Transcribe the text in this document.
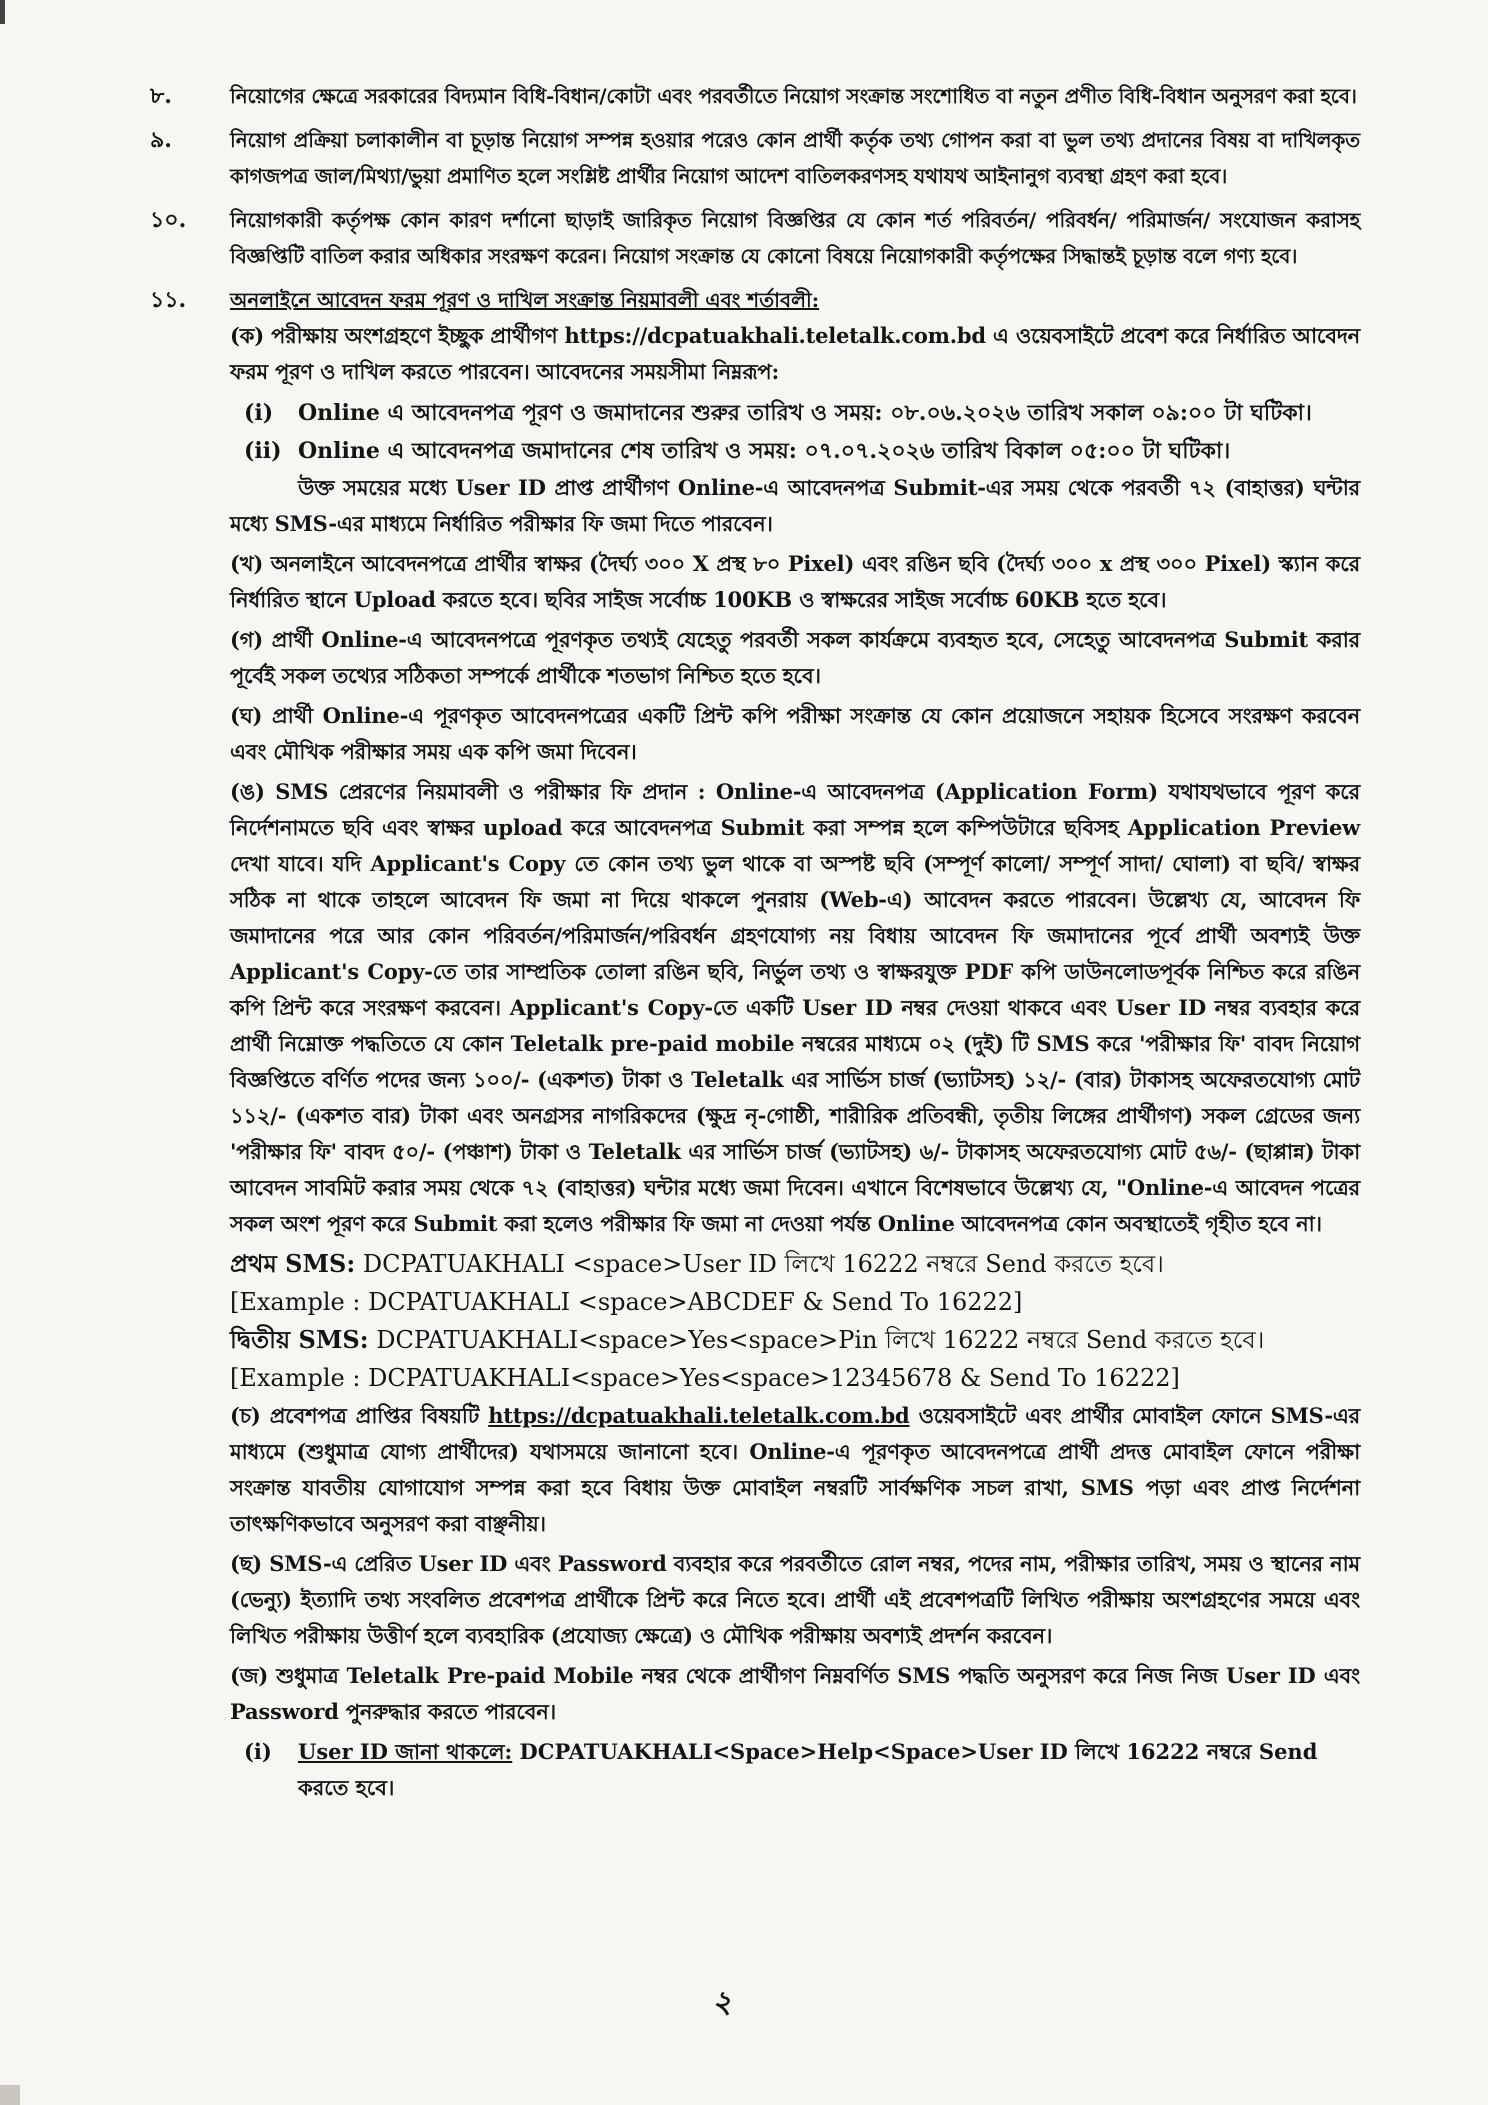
৮.	নিয়োগের ক্ষেত্রে সরকারের বিদ্যমান বিধি-বিধান/কোটা এবং পরবর্তীতে নিয়োগ সংক্রান্ত সংশোধিত বা নতুন প্রণীত বিধি-বিধান অনুসরণ করা হবে।
৯.	নিয়োগ প্রক্রিয়া চলাকালীন বা চূড়ান্ত নিয়োগ সম্পন্ন হওয়ার পরেও কোন প্রার্থী কর্তৃক তথ্য গোপন করা বা ভুল তথ্য প্রদানের বিষয় বা দাখিলকৃত কাগজপত্র জাল/মিথ্যা/ভুয়া প্রমাণিত হলে সংশ্লিষ্ট প্রার্থীর নিয়োগ আদেশ বাতিলকরণসহ যথাযথ আইনানুগ ব্যবস্থা গ্রহণ করা হবে।
১০. নিয়োগকারী কর্তৃপক্ষ কোন কারণ দর্শানো ছাড়াই জারিকৃত নিয়োগ বিজ্ঞপ্তির যে কোন শর্ত পরিবর্তন/ পরিবর্ধন/ পরিমার্জন/ সংযোজন করাসহ বিজ্ঞপ্তিটি বাতিল করার অধিকার সংরক্ষণ করেন। নিয়োগ সংক্রান্ত যে কোনো বিষয়ে নিয়োগকারী কর্তৃপক্ষের সিদ্ধান্তই চূড়ান্ত বলে গণ্য হবে।
১১. অনলাইনে আবেদন ফরম পূরণ ও দাখিল সংক্রান্ত নিয়মাবলী এবং শর্তাবলী:

(ক) পরীক্ষায় অংশগ্রহণে ইচ্ছুক প্রার্থীগণ https://dcpatuakhali.teletalk.com.bd এ ওয়েবসাইটে প্রবেশ করে নির্ধারিত আবেদন ফরম পূরণ ও দাখিল করতে পারবেন। আবেদনের সময়সীমা নিম্নরূপ:

(i) Online এ আবেদনপত্র পূরণ ও জমাদানের শুরুর তারিখ ও সময়: ০৮.০৬.২০২৬ তারিখ সকাল ০৯:০০ টা ঘটিকা।
(ii) Online এ আবেদনপত্র জমাদানের শেষ তারিখ ও সময়: ০৭.০৭.২০২৬ তারিখ বিকাল ০৫:০০ টা ঘটিকা।

উক্ত সময়ের মধ্যে User ID প্রাপ্ত প্রার্থীগণ Online-এ আবেদনপত্র Submit-এর সময় থেকে পরবর্তী ৭২ (বাহাত্তর) ঘন্টার মধ্যে SMS-এর মাধ্যমে নির্ধারিত পরীক্ষার ফি জমা দিতে পারবেন।

(খ) অনলাইনে আবেদনপত্রে প্রার্থীর স্বাক্ষর (দৈর্ঘ্য ৩০০ X প্রস্থ ৮০ Pixel) এবং রঙিন ছবি (দৈর্ঘ্য ৩০০ x প্রস্থ ৩০০ Pixel) স্ক্যান করে নির্ধারিত স্থানে Upload করতে হবে। ছবির সাইজ সর্বোচ্চ 100KB ও স্বাক্ষরের সাইজ সর্বোচ্চ 60KB হতে হবে।

(গ) প্রার্থী Online-এ আবেদনপত্রে পূরণকৃত তথ্যই যেহেতু পরবর্তী সকল কার্যক্রমে ব্যবহৃত হবে, সেহেতু আবেদনপত্র Submit করার পূর্বেই সকল তথ্যের সঠিকতা সম্পর্কে প্রার্থীকে শতভাগ নিশ্চিত হতে হবে।

(ঘ) প্রার্থী Online-এ পূরণকৃত আবেদনপত্রের একটি প্রিন্ট কপি পরীক্ষা সংক্রান্ত যে কোন প্রয়োজনে সহায়ক হিসেবে সংরক্ষণ করবেন এবং মৌখিক পরীক্ষার সময় এক কপি জমা দিবেন।

(ঙ) SMS প্রেরণের নিয়মাবলী ও পরীক্ষার ফি প্রদান : Online-এ আবেদনপত্র (Application Form) যথাযথভাবে পূরণ করে নির্দেশনামতে ছবি এবং স্বাক্ষর upload করে আবেদনপত্র Submit করা সম্পন্ন হলে কম্পিউটারে ছবিসহ Application Preview দেখা যাবে। যদি Applicant's Copy তে কোন তথ্য ভুল থাকে বা অস্পষ্ট ছবি (সম্পূর্ণ কালো/ সম্পূর্ণ সাদা/ ঘোলা) বা ছবি/ স্বাক্ষর সঠিক না থাকে তাহলে আবেদন ফি জমা না দিয়ে থাকলে পুনরায় (Web-এ) আবেদন করতে পারবেন। উল্লেখ্য যে, আবেদন ফি জমাদানের পরে আর কোন পরিবর্তন/পরিমার্জন/পরিবর্ধন গ্রহণযোগ্য নয় বিধায় আবেদন ফি জমাদানের পূর্বে প্রার্থী অবশ্যই উক্ত Applicant's Copy-তে তার সাম্প্রতিক তোলা রঙিন ছবি, নির্ভুল তথ্য ও স্বাক্ষরযুক্ত PDF কপি ডাউনলোডপূর্বক নিশ্চিত করে রঙিন কপি প্রিন্ট করে সংরক্ষণ করবেন। Applicant's Copy-তে একটি User ID নম্বর দেওয়া থাকবে এবং User ID নম্বর ব্যবহার করে প্রার্থী নিম্নোক্ত পদ্ধতিতে যে কোন Teletalk pre-paid mobile নম্বরের মাধ্যমে ০২ (দুই) টি SMS করে 'পরীক্ষার ফি' বাবদ নিয়োগ বিজ্ঞপ্তিতে বর্ণিত পদের জন্য ১০০/- (একশত) টাকা ও Teletalk এর সার্ভিস চার্জ (ভ্যাটসহ) ১২/- (বার) টাকাসহ অফেরতযোগ্য মোট ১১২/- (একশত বার) টাকা এবং অনগ্রসর নাগরিকদের (ক্ষুদ্র নৃ-গোষ্ঠী, শারীরিক প্রতিবন্ধী, তৃতীয় লিঙ্গের প্রার্থীগণ) সকল গ্রেডের জন্য 'পরীক্ষার ফি' বাবদ ৫০/- (পঞ্চাশ) টাকা ও Teletalk এর সার্ভিস চার্জ (ভ্যাটসহ) ৬/- টাকাসহ অফেরতযোগ্য মোট ৫৬/- (ছাপ্পান্ন) টাকা আবেদন সাবমিট করার সময় থেকে ৭২ (বাহাত্তর) ঘন্টার মধ্যে জমা দিবেন। এখানে বিশেষভাবে উল্লেখ্য যে, "Online-এ আবেদন পত্রের সকল অংশ পূরণ করে Submit করা হলেও পরীক্ষার ফি জমা না দেওয়া পর্যন্ত Online আবেদনপত্র কোন অবস্থাতেই গৃহীত হবে না।

প্রথম SMS: DCPATUAKHALI <space>User ID লিখে 16222 নম্বরে Send করতে হবে।
[Example : DCPATUAKHALI <space>ABCDEF & Send To 16222]
দ্বিতীয় SMS: DCPATUAKHALI<space>Yes<space>Pin লিখে 16222 নম্বরে Send করতে হবে।
[Example : DCPATUAKHALI<space>Yes<space>12345678 & Send To 16222]

(চ) প্রবেশপত্র প্রাপ্তির বিষয়টি https://dcpatuakhali.teletalk.com.bd ওয়েবসাইটে এবং প্রার্থীর মোবাইল ফোনে SMS-এর মাধ্যমে (শুধুমাত্র যোগ্য প্রার্থীদের) যথাসময়ে জানানো হবে। Online-এ পূরণকৃত আবেদনপত্রে প্রার্থী প্রদত্ত মোবাইল ফোনে পরীক্ষা সংক্রান্ত যাবতীয় যোগাযোগ সম্পন্ন করা হবে বিধায় উক্ত মোবাইল নম্বরটি সার্বক্ষণিক সচল রাখা, SMS পড়া এবং প্রাপ্ত নির্দেশনা তাৎক্ষণিকভাবে অনুসরণ করা বাঞ্ছনীয়।

(ছ) SMS-এ প্রেরিত User ID এবং Password ব্যবহার করে পরবর্তীতে রোল নম্বর, পদের নাম, পরীক্ষার তারিখ, সময় ও স্থানের নাম (ভেন্যু) ইত্যাদি তথ্য সংবলিত প্রবেশপত্র প্রার্থীকে প্রিন্ট করে নিতে হবে। প্রার্থী এই প্রবেশপত্রটি লিখিত পরীক্ষায় অংশগ্রহণের সময়ে এবং লিখিত পরীক্ষায় উত্তীর্ণ হলে ব্যবহারিক (প্রযোজ্য ক্ষেত্রে) ও মৌখিক পরীক্ষায় অবশ্যই প্রদর্শন করবেন।

(জ) শুধুমাত্র Teletalk Pre-paid Mobile নম্বর থেকে প্রার্থীগণ নিম্নবর্ণিত SMS পদ্ধতি অনুসরণ করে নিজ নিজ User ID এবং Password পুনরুদ্ধার করতে পারবেন।

(i) User ID জানা থাকলে: DCPATUAKHALI<Space>Help<Space>User ID লিখে 16222 নম্বরে Send করতে হবে।
২
